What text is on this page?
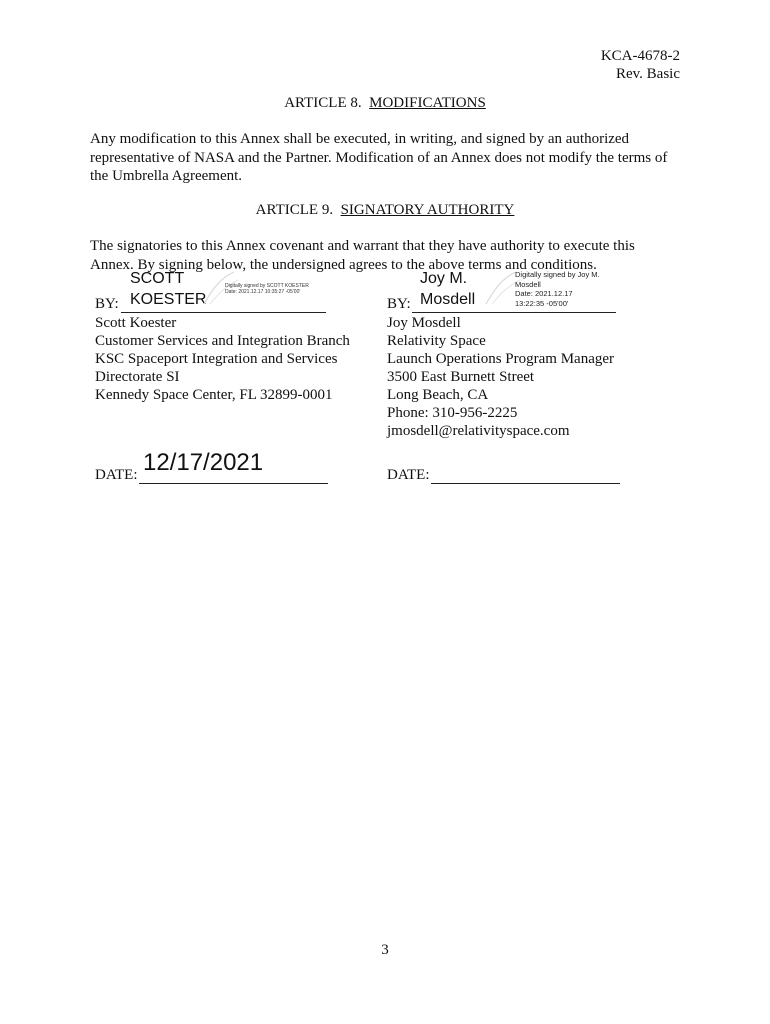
KCA-4678-2
Rev. Basic
ARTICLE 8. MODIFICATIONS
Any modification to this Annex shall be executed, in writing, and signed by an authorized
representative of NASA and the Partner. Modification of an Annex does not modify the terms of
the Umbrella Agreement.
ARTICLE 9. SIGNATORY AUTHORITY
The signatories to this Annex covenant and warrant that they have authority to execute this
Annex. By signing below, the undersigned agrees to the above terms and conditions.
SCOTT
KOESTER
Digitally signed by SCOTT KOESTER
Date: 2021.12.17 10:35:27 -05'00'
BY:
Scott Koester
Customer Services and Integration Branch
KSC Spaceport Integration and Services
Directorate SI
Kennedy Space Center, FL 32899-0001
12/17/2021
DATE:
Joy M.
Mosdell
Digitally signed by Joy M.
Mosdell
Date: 2021.12.17
13:22:35 -05'00'
BY:
Joy Mosdell
Relativity Space
Launch Operations Program Manager
3500 East Burnett Street
Long Beach, CA
Phone: 310-956-2225
jmosdell@relativityspace.com
DATE:
3
